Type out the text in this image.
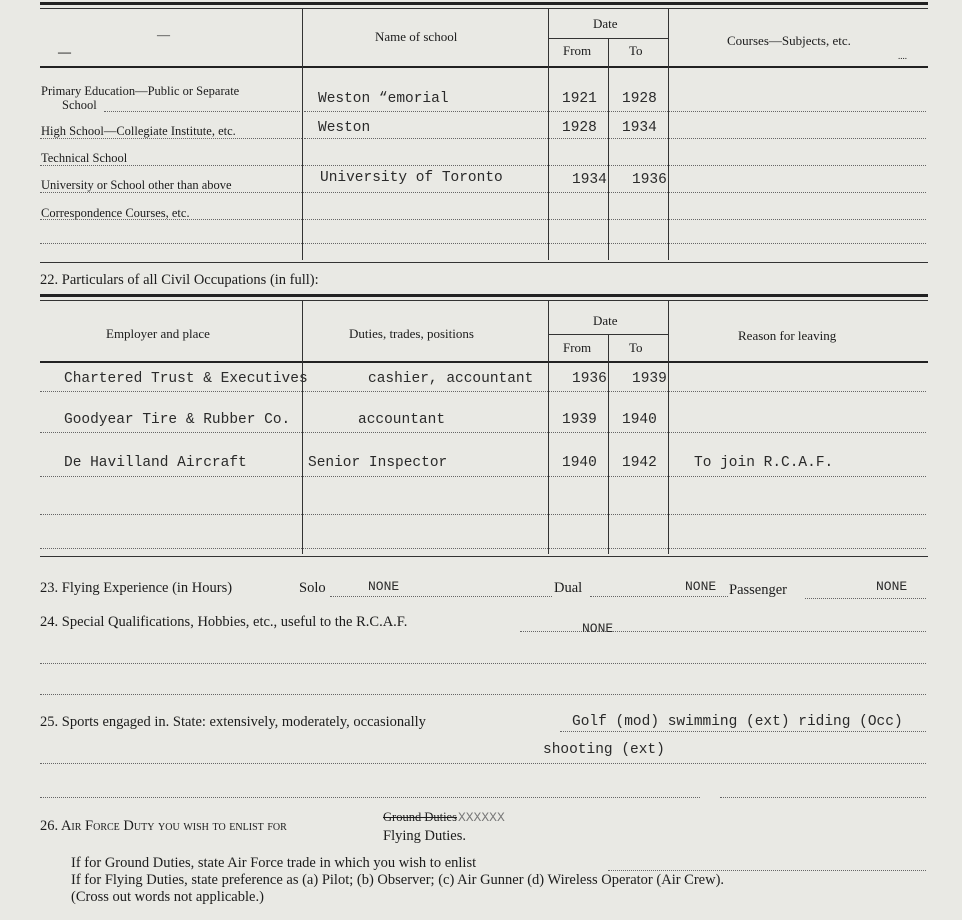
—
—
Name of school
Date
From	To
Courses—Subjects, etc.
....
Primary Education—Public or Separate
School	Weston “emorial	1921 1928
High School—Collegiate Institute, etc.	Weston	1928 1934
Technical School
University or School other than above	University of Toronto	1934 1936
Correspondence Courses, etc.
22. Particulars of all Civil Occupations (in full):
Employer and place	Duties, trades, positions
Date
From	To
Reason for leaving
Chartered Trust & Executives	cashier, accountant	1936 1939
Goodyear Tire & Rubber Co.	accountant	1939 1940
De Havilland Aircraft	Senior Inspector	1940 1942	To join R.C.A.F.
23. Flying Experience (in Hours)	Solo	NONE	Dual	NONE Passenger	NONE
24. Special Qualifications, Hobbies, etc., useful to the R.C.A.F.	NONE
25. Sports engaged in. State: extensively, moderately, occasionally	Golf (mod) swimming (ext) riding (Occ)
shooting (ext)
26. Air Force Duty you wish to enlist for
Ground DutiesXXXXXX
Flying Duties.
If for Ground Duties, state Air Force trade in which you wish to enlist
If for Flying Duties, state preference as (a) Pilot; (b) Observer; (c) Air Gunner (d) Wireless Operator (Air Crew).
(Cross out words not applicable.)
